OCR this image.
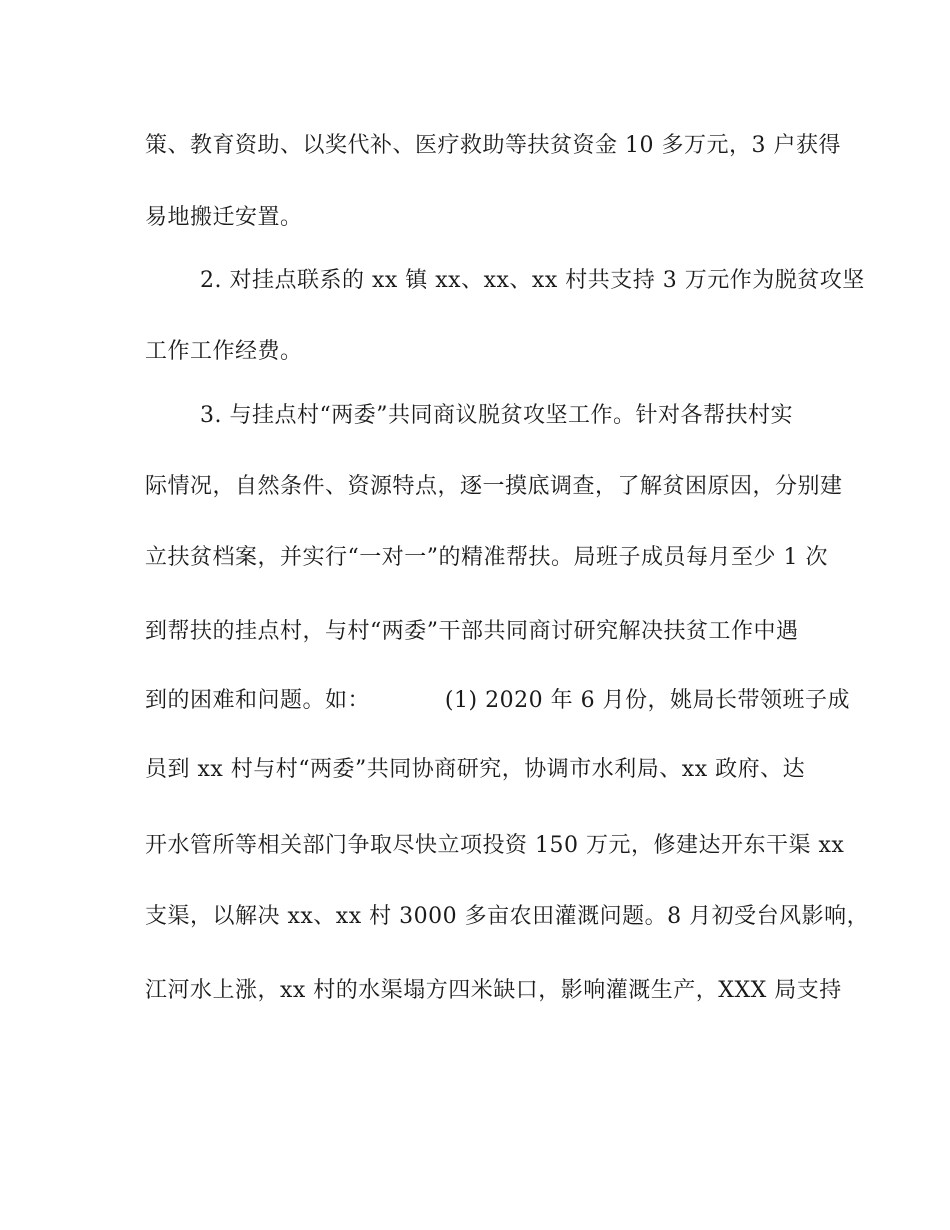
策、教育资助、以奖代补、医疗救助等扶贫资金 10 多万元，3 户获得
易地搬迁安置。
2. 对挂点联系的 xx 镇 xx、xx、xx 村共支持 3 万元作为脱贫攻坚
工作工作经费。
3. 与挂点村“两委”共同商议脱贫攻坚工作。针对各帮扶村实
际情况，自然条件、资源特点，逐一摸底调查，了解贫困原因，分别建
立扶贫档案，并实行“一对一”的精准帮扶。局班子成员每月至少 1 次
到帮扶的挂点村，与村“两委”干部共同商讨研究解决扶贫工作中遇
到的困难和问题。如：          (1) 2020 年 6 月份，姚局长带领班子成
员到 xx 村与村“两委”共同协商研究，协调市水利局、xx 政府、达
开水管所等相关部门争取尽快立项投资 150 万元，修建达开东干渠 xx
支渠，以解决 xx、xx 村 3000 多亩农田灌溉问题。8 月初受台风影响，
江河水上涨，xx 村的水渠塌方四米缺口，影响灌溉生产，XXX 局支持
